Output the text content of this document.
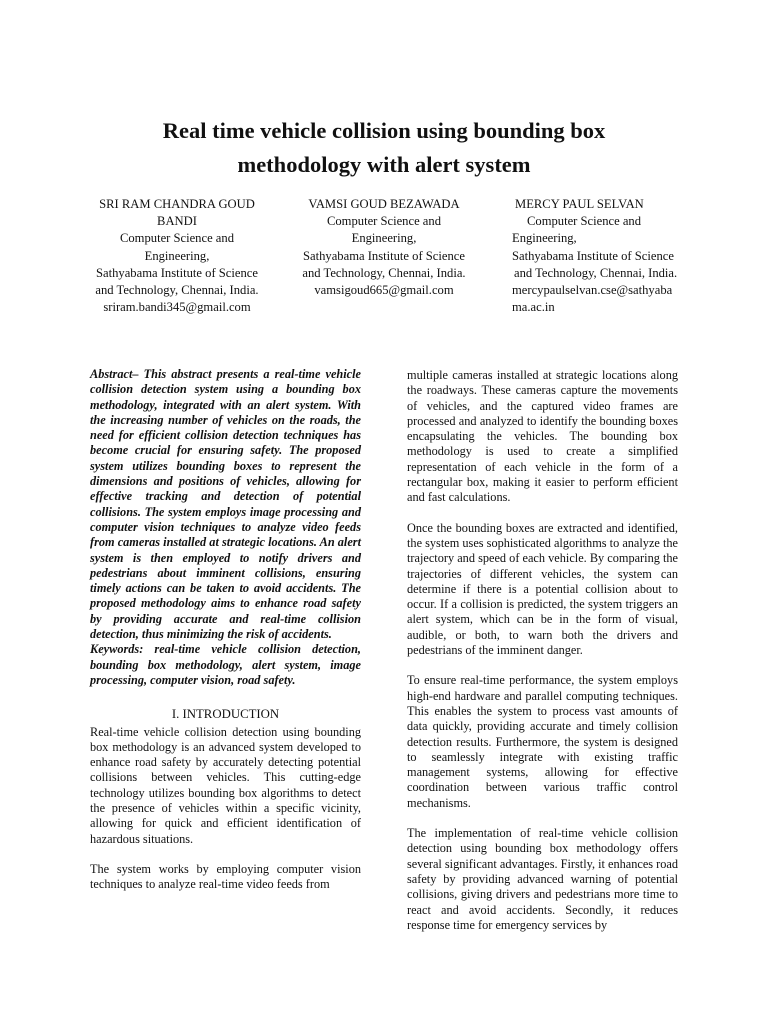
Real time vehicle collision using bounding box
methodology with alert system
SRI RAM CHANDRA GOUD
BANDI
Computer Science and
Engineering,
Sathyabama Institute of Science
and Technology, Chennai, India.
sriram.bandi345@gmail.com
VAMSI GOUD BEZAWADA
Computer Science and
Engineering,
Sathyabama Institute of Science
and Technology, Chennai, India.
vamsigoud665@gmail.com
MERCY PAUL SELVAN
Computer Science and
Engineering,
Sathyabama Institute of Science
and Technology, Chennai, India.
mercypaulselvan.cse@sathyaba
ma.ac.in

Abstract– This abstract presents a real-time vehicle collision detection system using a bounding box methodology, integrated with an alert system. With the increasing number of vehicles on the roads, the need for efficient collision detection techniques has become crucial for ensuring safety. The proposed system utilizes bounding boxes to represent the dimensions and positions of vehicles, allowing for effective tracking and detection of potential collisions. The system employs image processing and computer vision techniques to analyze video feeds from cameras installed at strategic locations. An alert system is then employed to notify drivers and pedestrians about imminent collisions, ensuring timely actions can be taken to avoid accidents. The proposed methodology aims to enhance road safety by providing accurate and real-time collision detection, thus minimizing the risk of accidents.

Keywords: real-time vehicle collision detection, bounding box methodology, alert system, image processing, computer vision, road safety.

I. INTRODUCTION

Real-time vehicle collision detection using bounding box methodology is an advanced system developed to enhance road safety by accurately detecting potential collisions between vehicles. This cutting-edge technology utilizes bounding box algorithms to detect the presence of vehicles within a specific vicinity, allowing for quick and efficient identification of hazardous situations.

The system works by employing computer vision techniques to analyze real-time video feeds from

multiple cameras installed at strategic locations along the roadways. These cameras capture the movements of vehicles, and the captured video frames are processed and analyzed to identify the bounding boxes encapsulating the vehicles. The bounding box methodology is used to create a simplified representation of each vehicle in the form of a rectangular box, making it easier to perform efficient and fast calculations.

Once the bounding boxes are extracted and identified, the system uses sophisticated algorithms to analyze the trajectory and speed of each vehicle. By comparing the trajectories of different vehicles, the system can determine if there is a potential collision about to occur. If a collision is predicted, the system triggers an alert system, which can be in the form of visual, audible, or both, to warn both the drivers and pedestrians of the imminent danger.

To ensure real-time performance, the system employs high-end hardware and parallel computing techniques. This enables the system to process vast amounts of data quickly, providing accurate and timely collision detection results. Furthermore, the system is designed to seamlessly integrate with existing traffic management systems, allowing for effective coordination between various traffic control mechanisms.

The implementation of real-time vehicle collision detection using bounding box methodology offers several significant advantages. Firstly, it enhances road safety by providing advanced warning of potential collisions, giving drivers and pedestrians more time to react and avoid accidents. Secondly, it reduces response time for emergency services by
